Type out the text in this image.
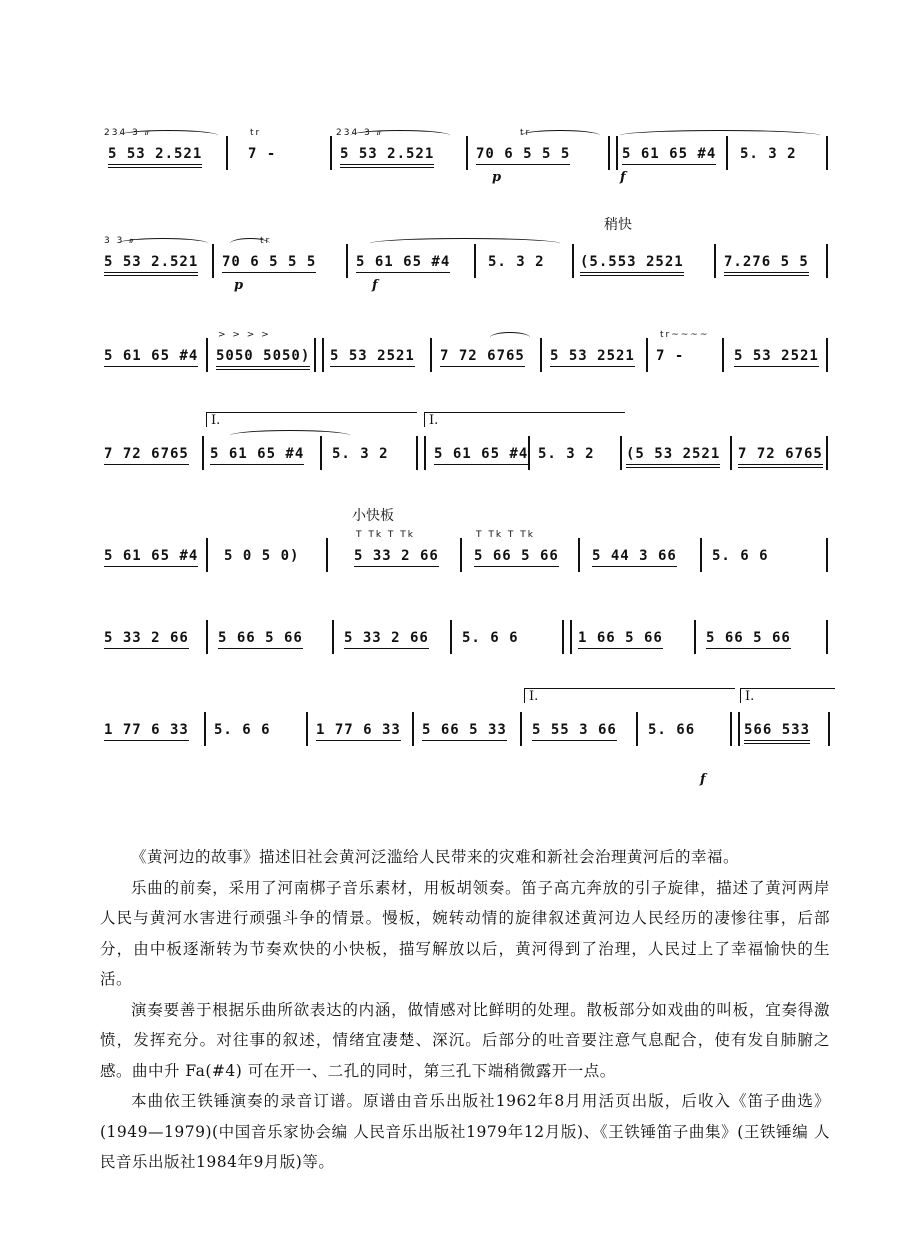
稍快
小快板
234 3 𝆖
5 53 2.521
tr
7 -
234 3 𝆖
5 53 2.521
tr
70 6 5 5 5
p
5 61 65 #4
f
5. 3 2
3 3 𝆖
5 53 2.521
tr
70 6 5 5 5
p
5 61 65 #4
f
5. 3 2	(5.553 2521	7.276 5 5
5 61 65 #4
> > > >
5050 5050) 5 53 2521 7 72 6765 5 53 2521
tr~~~~
7 -	5 53 2521
I.	I.
7 72 6765 5 61 65 #4 5. 3 2	5 61 65 #4 5. 3 2 (5 53 2521 7 72 6765
5 61 65 #4 5 0 5 0)
T Tk T Tk
5 33 2 66
T Tk T Tk
5 66 5 66 5 44 3 66	5. 6 6
5 33 2 66 5 66 5 66	5 33 2 66 5. 6 6	1 66 5 66	5 66 5 66
I.	I.
1 77 6 33 5. 6 6	1 77 6 33 5 66 5 33 5 55 3 66 5. 66
f
566 533

《黄河边的故事》描述旧社会黄河泛滥给人民带来的灾难和新社会治理黄河后的幸福。

乐曲的前奏，采用了河南梆子音乐素材，用板胡领奏。笛子高亢奔放的引子旋律，描述了黄河两岸人民与黄河水害进行顽强斗争的情景。慢板，婉转动情的旋律叙述黄河边人民经历的凄惨往事，后部分，由中板逐渐转为节奏欢快的小快板，描写解放以后，黄河得到了治理，人民过上了幸福愉快的生活。

演奏要善于根据乐曲所欲表达的内涵，做情感对比鲜明的处理。散板部分如戏曲的叫板，宜奏得激愤，发挥充分。对往事的叙述，情绪宜凄楚、深沉。后部分的吐音要注意气息配合，使有发自肺腑之感。曲中升 Fa(#4) 可在开一、二孔的同时，第三孔下端稍微露开一点。

本曲依王铁锤演奏的录音订谱。原谱由音乐出版社1962年8月用活页出版，后收入《笛子曲选》(1949—1979)(中国音乐家协会编 人民音乐出版社1979年12月版)、《王铁锤笛子曲集》(王铁锤编 人民音乐出版社1984年9月版)等。
